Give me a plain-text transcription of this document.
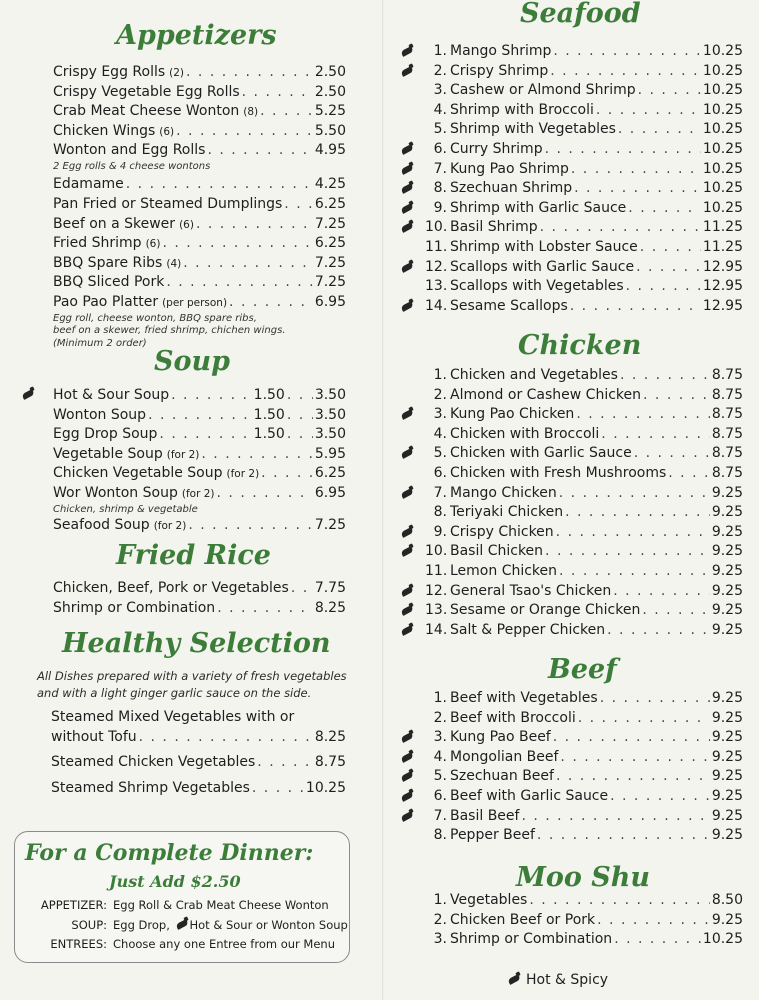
Appetizers
Crispy Egg Rolls (2) . . .	2.50
Crispy Vegetable Egg Rolls . . .	2.50
Crab Meat Cheese Wonton (8) . . .	5.25
Chicken Wings (6) . . .	5.50
Wonton and Egg Rolls . . .	4.95
2 Egg rolls & 4 cheese wontons
Edamame . . .	4.25
Pan Fried or Steamed Dumplings . . . 6.25
Beef on a Skewer (6) . . .	7.25
Fried Shrimp (6) . . .	6.25
BBQ Spare Ribs (4) . . .	7.25
BBQ Sliced Pork . . .	7.25
Pao Pao Platter (per person) . . .	6.95
Egg roll, cheese wonton, BBQ spare ribs,
beef on a skewer, fried shrimp, chichen wings.
(Minimum 2 order)
Soup
Hot & Sour Soup . . .	1.50 . . . 3.50
Wonton Soup . . .	1.50 . . . 3.50
Egg Drop Soup . . .	1.50 . . . 3.50
Vegetable Soup (for 2) . . .	5.95
Chicken Vegetable Soup (for 2) . . .	6.25
Wor Wonton Soup (for 2) . . .	6.95
Chicken, shrimp & vegetable
Seafood Soup (for 2) . . .	7.25
Fried Rice
Chicken, Beef, Pork or Vegetables . . . 7.75
Shrimp or Combination . . .	8.25
Healthy Selection
All Dishes prepared with a variety of fresh vegetables and with a light ginger garlic sauce on the side.
Steamed Mixed Vegetables with or
without Tofu . . .	8.25
Steamed Chicken Vegetables . . .	8.75
Steamed Shrimp Vegetables . . .	10.25
For a Complete Dinner:
Just Add $2.50
APPETIZER: Egg Roll & Crab Meat Cheese Wonton
SOUP: Egg Drop, Hot & Sour or Wonton Soup
ENTREES: Choose any one Entree from our Menu
Seafood
1. Mango Shrimp . . .	10.25
2. Crispy Shrimp . . .	10.25
3. Cashew or Almond Shrimp . . .	10.25
4. Shrimp with Broccoli . . .	10.25
5. Shrimp with Vegetables . . .	10.25
6. Curry Shrimp . . .	10.25
7. Kung Pao Shrimp . . .	10.25
8. Szechuan Shrimp . . .	10.25
9. Shrimp with Garlic Sauce . . .	10.25
10. Basil Shrimp . . .	11.25
11. Shrimp with Lobster Sauce . . .	11.25
12. Scallops with Garlic Sauce . . .	12.95
13. Scallops with Vegetables . . .	12.95
14. Sesame Scallops . . .	12.95
Chicken
1. Chicken and Vegetables . . .	8.75
2. Almond or Cashew Chicken . . .	8.75
3. Kung Pao Chicken . . .	8.75
4. Chicken with Broccoli . . .	8.75
5. Chicken with Garlic Sauce . . .	8.75
6. Chicken with Fresh Mushrooms . . .	8.75
7. Mango Chicken . . .	9.25
8. Teriyaki Chicken . . .	9.25
9. Crispy Chicken . . .	9.25
10. Basil Chicken . . .	9.25
11. Lemon Chicken . . .	9.25
12. General Tsao's Chicken . . .	9.25
13. Sesame or Orange Chicken . . .	9.25
14. Salt & Pepper Chicken . . .	9.25
Beef
1. Beef with Vegetables . . .	9.25
2. Beef with Broccoli . . .	9.25
3. Kung Pao Beef . . .	9.25
4. Mongolian Beef . . .	9.25
5. Szechuan Beef . . .	9.25
6. Beef with Garlic Sauce . . .	9.25
7. Basil Beef . . .	9.25
8. Pepper Beef . . .	9.25
Moo Shu
1. Vegetables . . .	8.50
2. Chicken Beef or Pork . . .	9.25
3. Shrimp or Combination . . .	10.25
Hot & Spicy
